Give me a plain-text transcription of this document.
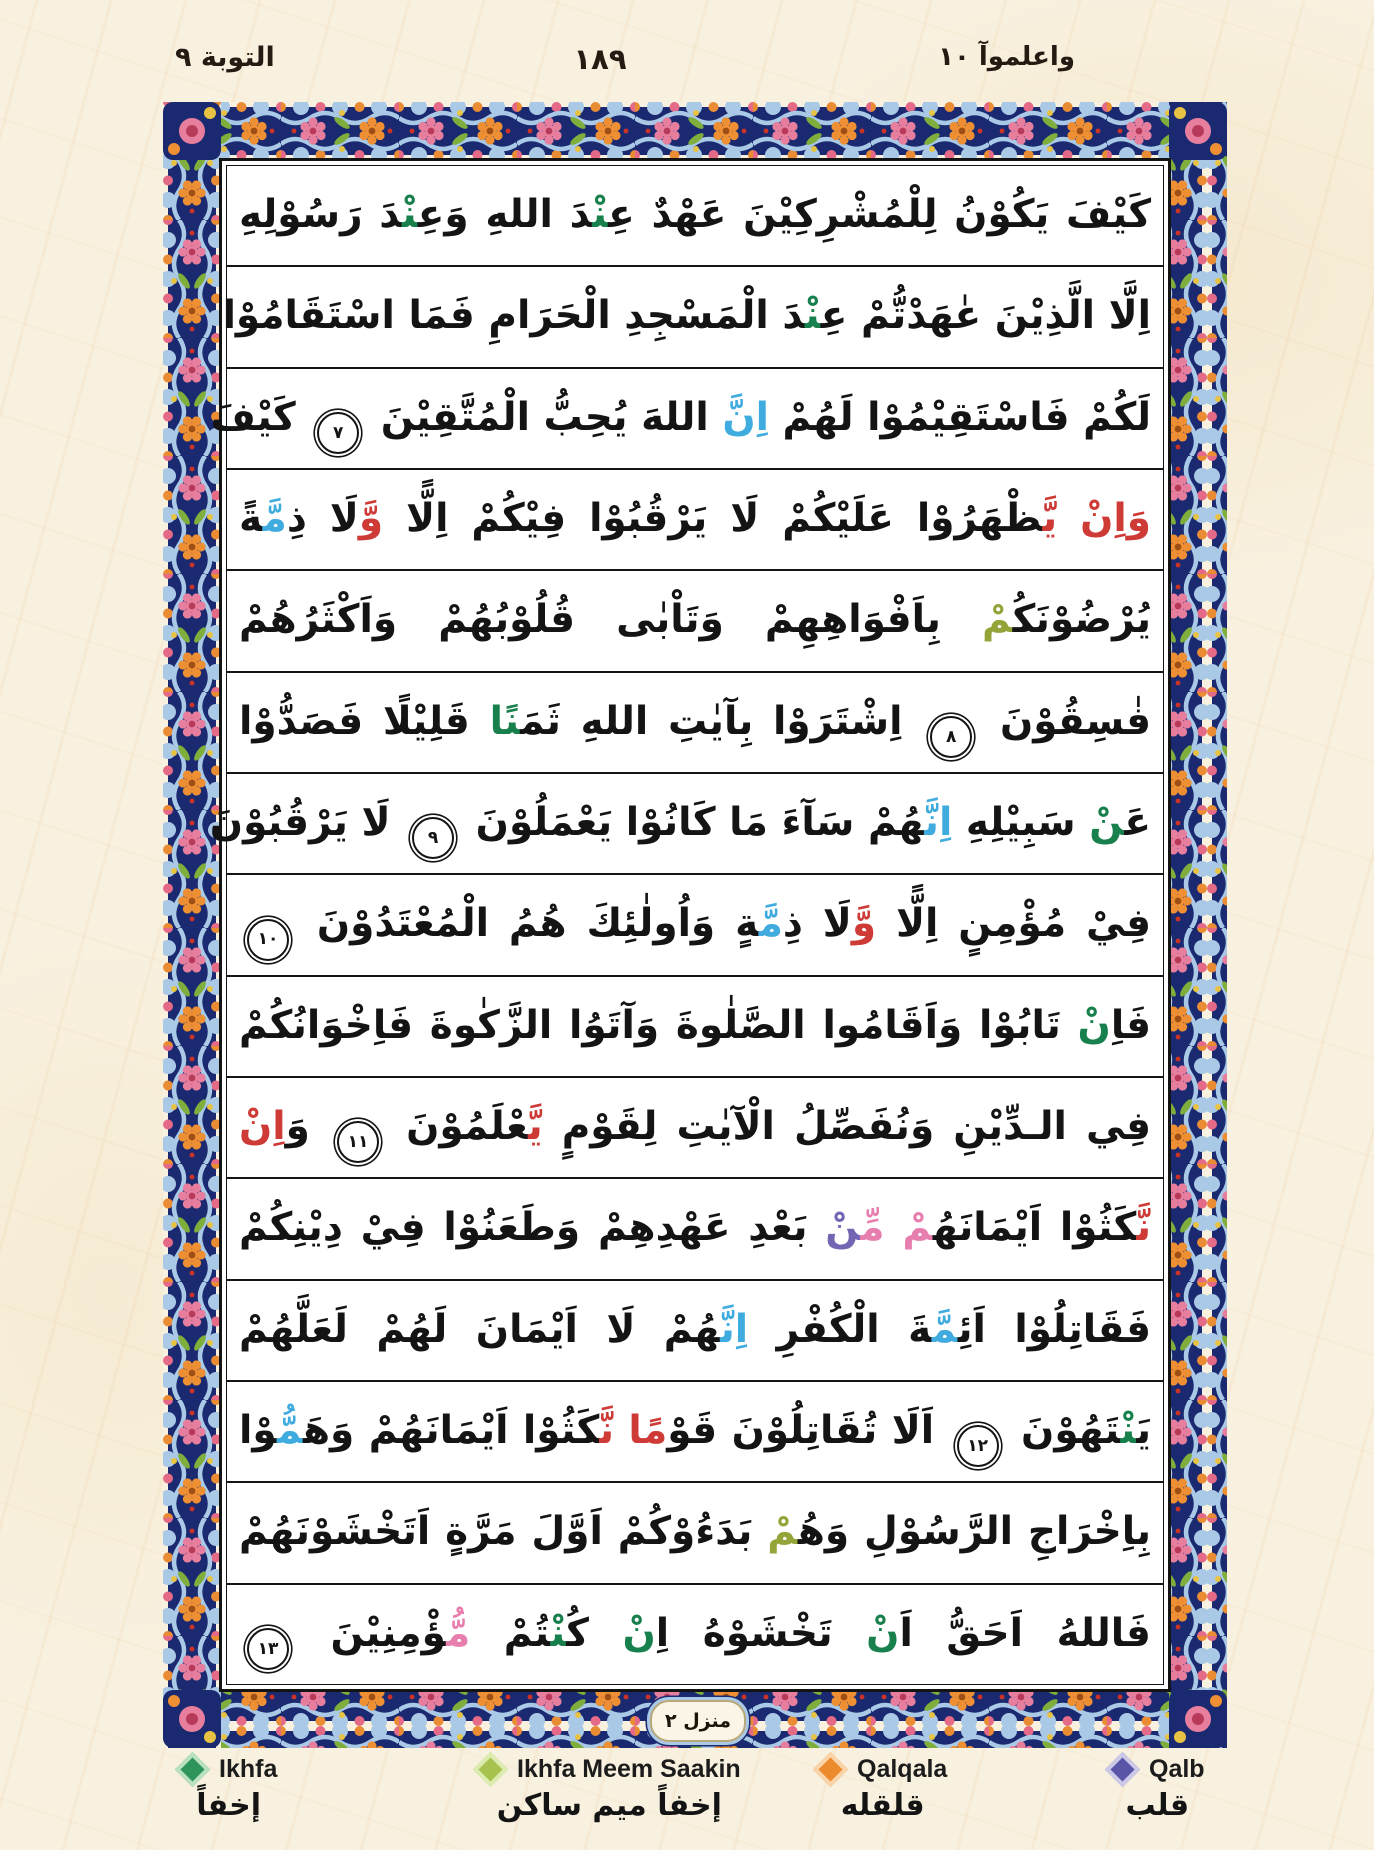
التوبة ٩	١٨٩	واعلموآ ١٠
كَيْفَ يَكُوْنُ لِلْمُشْرِكِيْنَ عَهْدٌ عِنْدَ اللهِ وَعِنْدَ رَسُوْلِهِ
اِلَّا الَّذِيْنَ عٰهَدْتُّمْ عِنْدَ الْمَسْجِدِ الْحَرَامِ فَمَا اسْتَقَامُوْا
لَكُمْ فَاسْتَقِيْمُوْا لَهُمْ اِنَّ اللهَ يُحِبُّ الْمُتَّقِيْنَ ٧ كَيْفَ
وَاِنْ يَّظْهَرُوْا عَلَيْكُمْ لَا يَرْقُبُوْا فِيْكُمْ اِلًّا وَّلَا ذِمَّةً
يُرْضُوْنَكُمْ بِاَفْوَاهِهِمْ وَتَاْبٰى قُلُوْبُهُمْ وَاَكْثَرُهُمْ
فٰسِقُوْنَ ٨ اِشْتَرَوْا بِآيٰتِ اللهِ ثَمَنًا قَلِيْلًا فَصَدُّوْا
عَنْ سَبِيْلِهِ اِنَّهُمْ سَآءَ مَا كَانُوْا يَعْمَلُوْنَ ٩ لَا يَرْقُبُوْنَ
فِيْ مُؤْمِنٍ اِلًّا وَّلَا ذِمَّةٍ وَاُولٰئِكَ هُمُ الْمُعْتَدُوْنَ ١٠
فَاِنْ تَابُوْا وَاَقَامُوا الصَّلٰوةَ وَآتَوُا الزَّكٰوةَ فَاِخْوَانُكُمْ
فِي الـدِّيْنِ وَنُفَصِّلُ الْآيٰتِ لِقَوْمٍ يَّعْلَمُوْنَ ١١ وَاِنْ
نَّكَثُوْا اَيْمَانَهُمْ مِّنْ بَعْدِ عَهْدِهِمْ وَطَعَنُوْا فِيْ دِيْنِكُمْ
فَقَاتِلُوْا اَئِمَّةَ الْكُفْرِ اِنَّهُمْ لَا اَيْمَانَ لَهُمْ لَعَلَّهُمْ
يَنْتَهُوْنَ ١٢ اَلَا تُقَاتِلُوْنَ قَوْمًا نَّكَثُوْا اَيْمَانَهُمْ وَهَمُّوْا
بِاِخْرَاجِ الرَّسُوْلِ وَهُمْ بَدَءُوْكُمْ اَوَّلَ مَرَّةٍ اَتَخْشَوْنَهُمْ
فَاللهُ اَحَقُّ اَنْ تَخْشَوْهُ اِنْ كُنْتُمْ مُّؤْمِنِيْنَ ١٣
منزل ٢
Ikhfa
إخفاً
Ikhfa Meem Saakin
إخفاً ميم ساكن
Qalqala
قلقله
Qalb
قلب
